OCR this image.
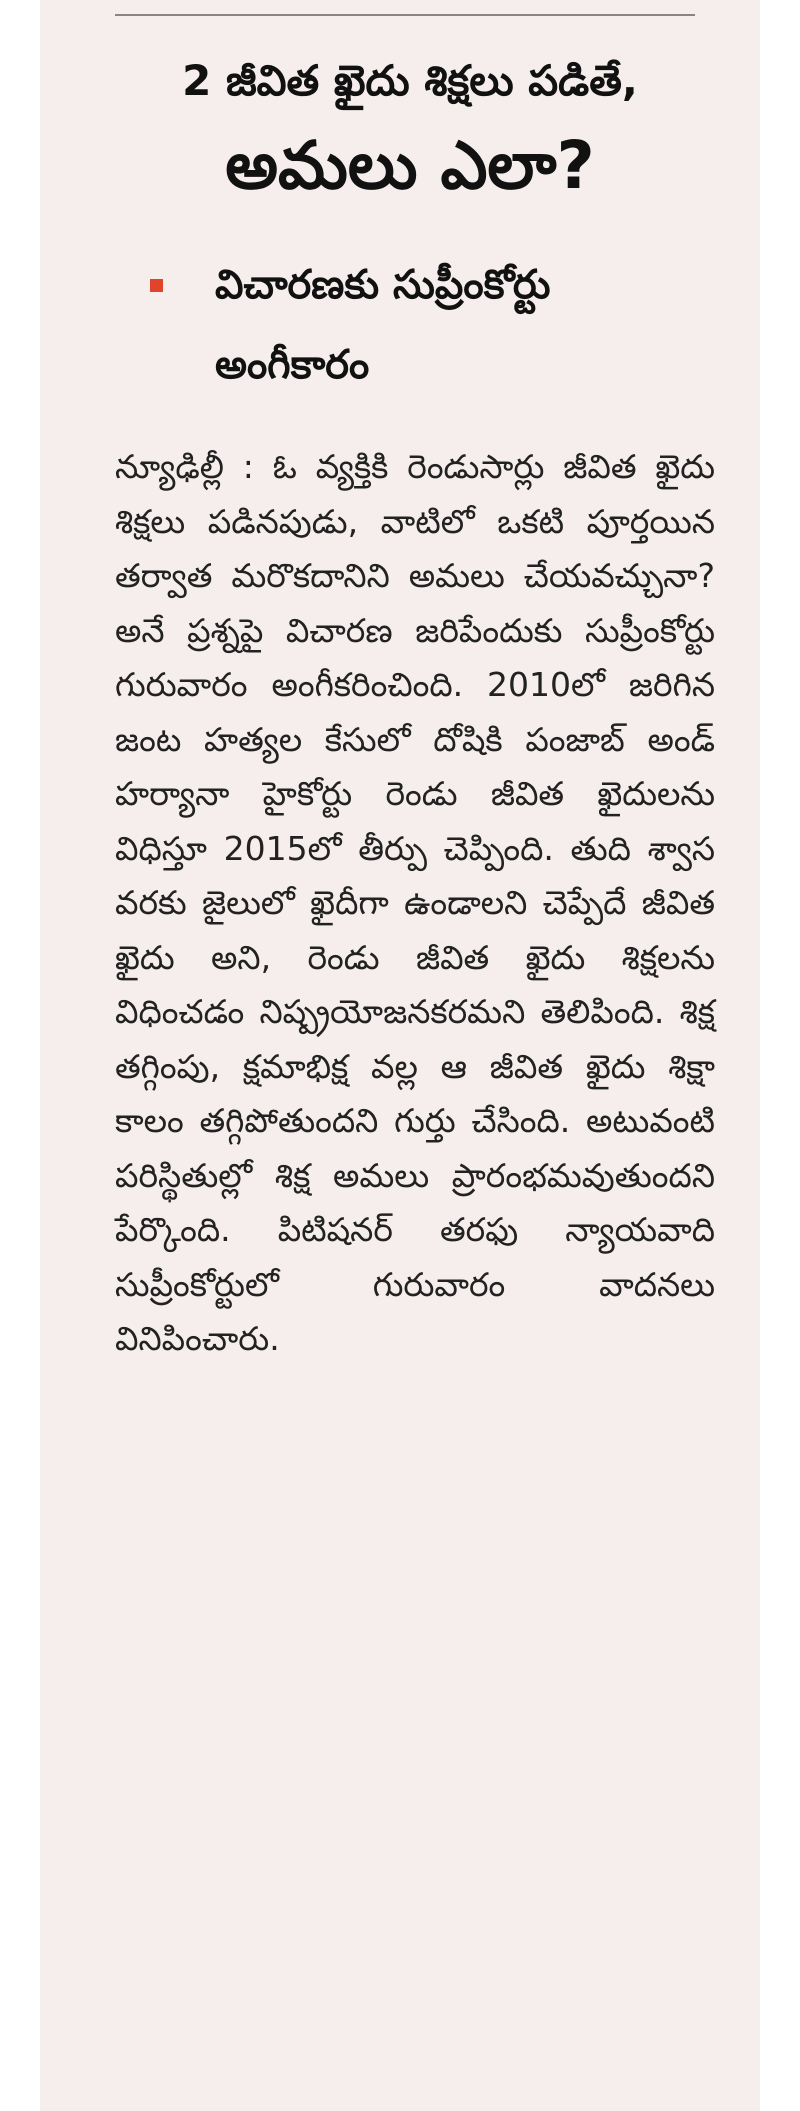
2 జీవిత ఖైదు శిక్షలు పడితే,
అమలు ఎలా?
విచారణకు సుప్రీంకోర్టు అంగీకారం

న్యూఢిల్లీ : ఓ వ్యక్తికి రెండుసార్లు జీవిత ఖైదు శిక్షలు పడినపుడు, వాటిలో ఒకటి పూర్తయిన తర్వాత మరొకదానిని అమలు చేయవచ్చునా? అనే ప్రశ్నపై విచారణ జరిపేందుకు సుప్రీంకోర్టు గురువారం అంగీకరించింది. 2010లో జరిగిన జంట హత్యల కేసులో దోషికి పంజాబ్ అండ్ హర్యానా హైకోర్టు రెండు జీవిత ఖైదులను విధిస్తూ 2015లో తీర్పు చెప్పింది. తుది శ్వాస వరకు జైలులో ఖైదీగా ఉండాలని చెప్పేదే జీవిత ఖైదు అని, రెండు జీవిత ఖైదు శిక్షలను విధించడం నిష్ప్రయోజనకరమని తెలిపింది. శిక్ష తగ్గింపు, క్షమాభిక్ష వల్ల ఆ జీవిత ఖైదు శిక్షా కాలం తగ్గిపోతుందని గుర్తు చేసింది. అటువంటి పరిస్థితుల్లో శిక్ష అమలు ప్రారంభమవుతుందని పేర్కొంది. పిటిషనర్ తరఫు న్యాయవాది సుప్రీంకోర్టులో గురువారం వాదనలు వినిపించారు.
